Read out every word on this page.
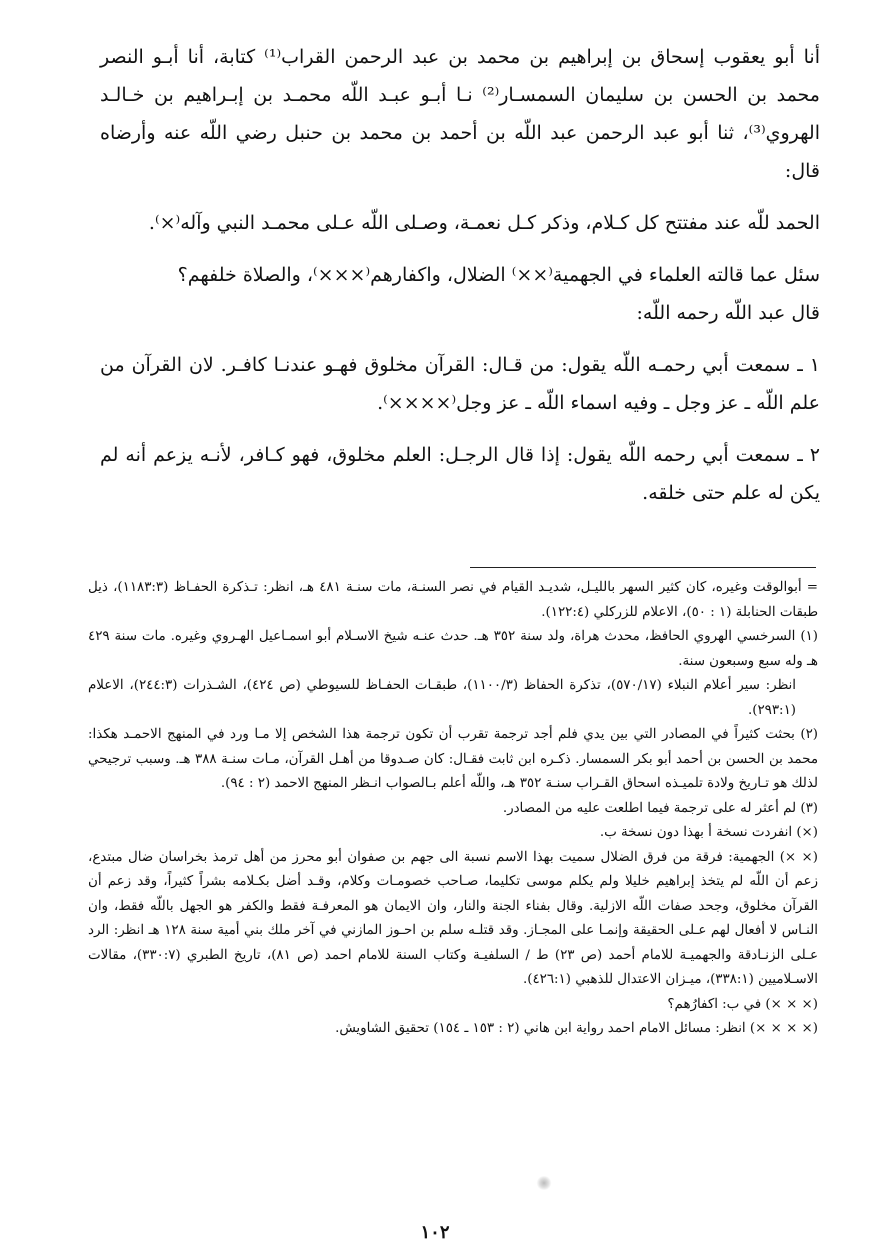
أنا أبو يعقوب إسحاق بن إبراهيم بن محمد بن عبد الرحمن القراب⁽¹⁾ كتابة، أنا أبـو النصر محمد بن الحسن بن سليمان السمسـار⁽²⁾ نـا أبـو عبـد اللّه محمـد بن إبـراهيم بن خـالـد الهروي⁽³⁾، ثنا أبو عبد الرحمن عبد اللّه بن أحمد بن محمد بن حنبل رضي اللّه عنه وأرضاه قال:

الحمد للّه عند مفتتح كل كـلام، وذكر كـل نعمـة، وصـلى اللّه عـلى محمـد النبي وآله⁽×⁾.

سئل عما قالته العلماء في الجهمية⁽××⁾ الضلال، واكفارهم⁽×××⁾، والصلاة خلفهم؟

قال عبد اللّه رحمه اللّه:

١ ـ سمعت أبي رحمـه اللّه يقول: من قـال: القرآن مخلوق فهـو عندنـا كافـر. لان القرآن من علم اللّه ـ عز وجل ـ وفيه اسماء اللّه ـ عز وجل⁽××××⁾.

٢ ـ سمعت أبي رحمه اللّه يقول: إذا قال الرجـل: العلم مخلوق، فهو كـافر، لأنـه يزعم أنه لم يكن له علم حتى خلقه.

= أبوالوقت وغيره، كان كثير السهر بالليـل، شديـد القيام في نصر السنـة، مات سنـة ٤٨١ هـ، انظر: تـذكرة الحفـاظ (١١٨٣:٣)، ذيل طبقات الحنابلة (١ : ٥٠)، الاعلام للزركلي (١٢٢:٤).

(١) السرخسي الهروي الحافظ، محدث هراة، ولد سنة ٣٥٢ هـ. حدث عنـه شيخ الاسـلام أبو اسمـاعيل الهـروي وغيره. مات سنة ٤٢٩ هـ وله سبع وسبعون سنة.

انظر: سير أعلام النبلاء (٥٧٠/١٧)، تذكرة الحفاظ (١١٠٠/٣)، طبقـات الحفـاظ للسيوطي (ص ٤٢٤)، الشـذرات (٢٤٤:٣)، الاعلام (٢٩٣:١).

(٢) بحثت كثيراً في المصادر التي بين يدي فلم أجد ترجمة تقرب أن تكون ترجمة هذا الشخص إلا مـا ورد في المنهج الاحمـد هكذا: محمد بن الحسن بن أحمد أبو بكر السمسار. ذكـره ابن ثابت فقـال: كان صـدوقا من أهـل القرآن، مـات سنـة ٣٨٨ هـ. وسبب ترجيحي لذلك هو تـاريخ ولادة تلميـذه اسحاق القـراب سنـة ٣٥٢ هـ، واللّه أعلم بـالصواب انـظر المنهج الاحمد (٢ : ٩٤).

(٣) لم أعثر له على ترجمة فيما اطلعت عليه من المصادر.

(×) انفردت نسخة أ بهذا دون نسخة ب.

(× ×) الجهمية: فرقة من فرق الضلال سميت بهذا الاسم نسبة الى جهم بن صفوان أبو محرز من أهل ترمذ بخراسان ضال مبتدع، زعم أن اللّه لم يتخذ إبراهيم خليلا ولم يكلم موسى تكليما، صـاحب خصومـات وكلام، وقـد أضل بكـلامه بشراً كثيراً، وقد زعم أن القرآن مخلوق، وجحد صفات اللّه الازلية. وقال بفناء الجنة والنار، وان الايمان هو المعرفـة فقط والكفر هو الجهل باللّه فقط، وان النـاس لا أفعال لهم عـلى الحقيقة وإنمـا على المجـاز. وقد قتلـه سلم بن احـوز المازني في آخر ملك بني أمية سنة ١٢٨ هـ انظر: الرد عـلى الزنـادقة والجهميـة للامام أحمد (ص ٢٣) ط / السلفيـة وكتاب السنة للامام احمد (ص ٨١)، تاريخ الطبري (٣٣٠:٧)، مقالات الاسـلاميين (٣٣٨:١)، ميـزان الاعتدال للذهبي (٤٢٦:١).

(× × ×) في ب: اكفارُهم؟

(× × × ×) انظر: مسائل الامام احمد رواية ابن هاني (٢ : ١٥٣ ـ ١٥٤) تحقيق الشاويش.

١٠٢
